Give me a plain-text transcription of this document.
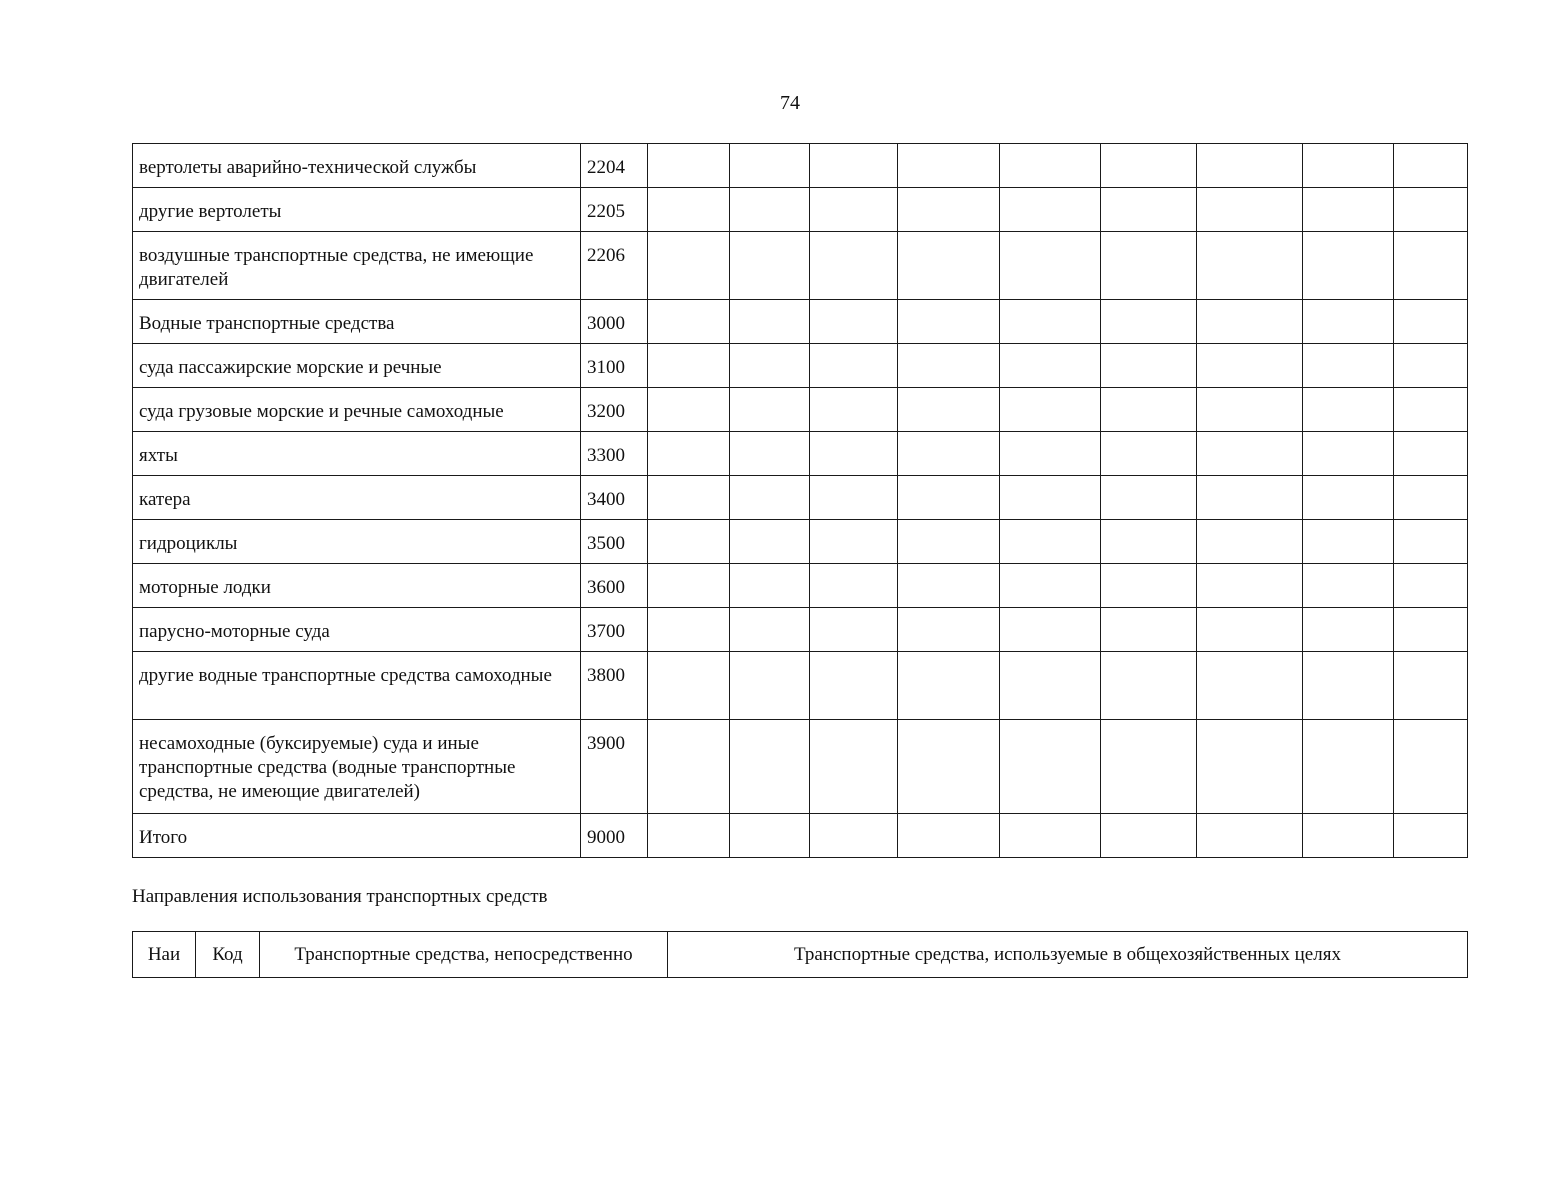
74
вертолеты аварийно-технической службы	2204									
другие вертолеты	2205									
воздушные транспортные средства, не имеющие двигателей	2206									
Водные транспортные средства	3000									
суда пассажирские морские и речные	3100									
суда грузовые морские и речные самоходные	3200									
яхты	3300									
катера	3400									
гидроциклы	3500									
моторные лодки	3600									
парусно-моторные суда	3700									
другие водные транспортные средства самоходные	3800									
несамоходные (буксируемые) суда и иные транспортные средства (водные транспортные средства, не имеющие двигателей)	3900									
Итого	9000									
Направления использования транспортных средств
Наи	Код	Транспортные средства, непосредственно	Транспортные средства, используемые в общехозяйственных целях
